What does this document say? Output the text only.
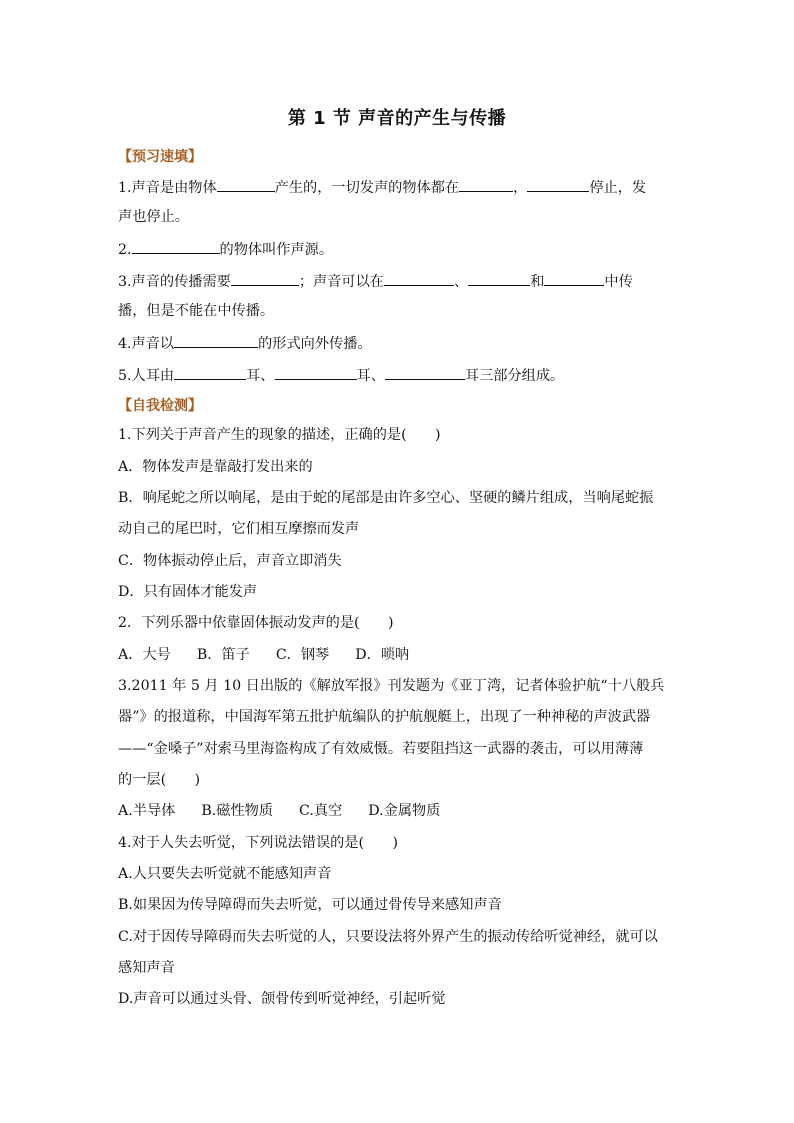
第 1 节 声音的产生与传播
【预习速填】
1.声音是由物体	产生的，一切发声的物体都在	，	停止，发
声也停止。
2.	的物体叫作声源。
3.声音的传播需要	；声音可以在	、	和	中传
播，但是不能在中传播。
4.声音以	的形式向外传播。
5.人耳由	耳、	耳、	耳三部分组成。
【自我检测】
1.下列关于声音产生的现象的描述，正确的是(　　)
A．物体发声是靠敲打发出来的
B．响尾蛇之所以响尾，是由于蛇的尾部是由许多空心、坚硬的鳞片组成，当响尾蛇振
动自己的尾巴时，它们相互摩擦而发声
C．物体振动停止后，声音立即消失
D．只有固体才能发声
2．下列乐器中依靠固体振动发声的是(　　)
A．大号 B．笛子 C．钢琴 D．唢呐
3.2011 年 5 月 10 日出版的《解放军报》刊发题为《亚丁湾，记者体验护航“十八般兵
器”》的报道称，中国海军第五批护航编队的护航舰艇上，出现了一种神秘的声波武器
——“金嗓子”对索马里海盗构成了有效威慑。若要阻挡这一武器的袭击，可以用薄薄
的一层(　　)
A.半导体 B.磁性物质 C.真空 D.金属物质
4.对于人失去听觉，下列说法错误的是(　　)
A.人只要失去听觉就不能感知声音
B.如果因为传导障碍而失去听觉，可以通过骨传导来感知声音
C.对于因传导障碍而失去听觉的人，只要设法将外界产生的振动传给听觉神经，就可以
感知声音
D.声音可以通过头骨、颌骨传到听觉神经，引起听觉
